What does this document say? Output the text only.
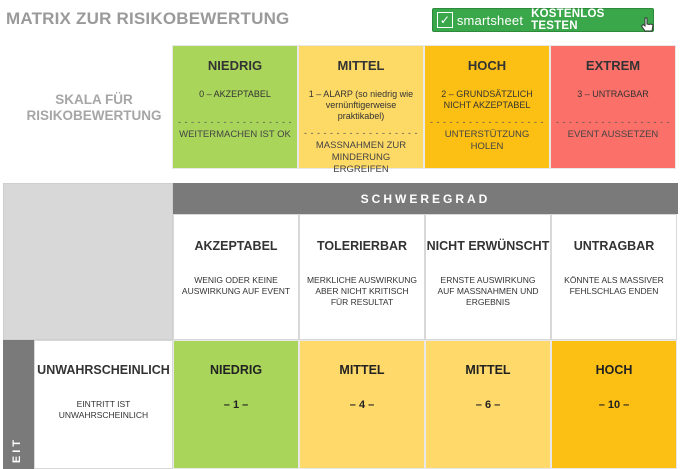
MATRIX ZUR RISIKOBEWERTUNG	✓ smartsheet KOSTENLOS TESTEN
SKALA FÜR
RISIKOBEWERTUNG
NIEDRIG
0 – AKZEPTABEL
- - - - - - - - - - - - - - - - - -
WEITERMACHEN IST OK
MITTEL
1 – ALARP (so niedrig wie vernünftigerweise praktikabel)
- - - - - - - - - - - - - - - - - -
MASSNAHMEN ZUR MINDERUNG ERGREIFEN
HOCH
2 – GRUNDSÄTZLICH NICHT AKZEPTABEL
- - - - - - - - - - - - - - - - - -
UNTERSTÜTZUNG HOLEN
EXTREM
3 – UNTRAGBAR
- - - - - - - - - - - - - - - - - -
EVENT AUSSETZEN
SCHWEREGRAD
AKZEPTABEL
WENIG ODER KEINE AUSWIRKUNG AUF EVENT
TOLERIERBAR
MERKLICHE AUSWIRKUNG ABER NICHT KRITISCH FÜR RESULTAT
NICHT ERWÜNSCHT
ERNSTE AUSWIRKUNG AUF MASSNAHMEN UND ERGEBNIS
UNTRAGBAR
KÖNNTE ALS MASSIVER FEHLSCHLAG ENDEN
EIT
UNWAHRSCHEINLICH
EINTRITT IST UNWAHRSCHEINLICH
NIEDRIG
– 1 –
MITTEL
– 4 –
MITTEL
– 6 –
HOCH
– 10 –
